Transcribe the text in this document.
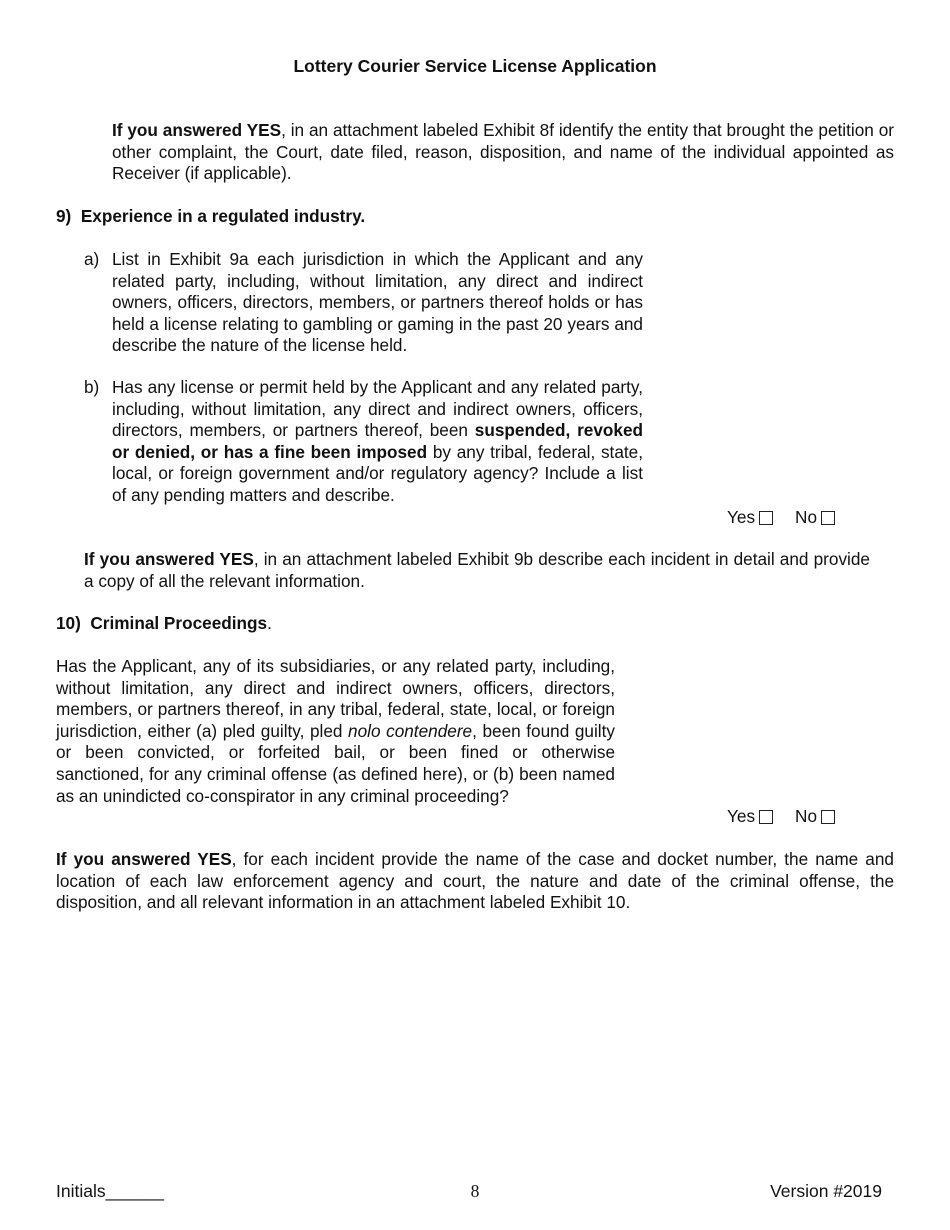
Lottery Courier Service License Application
If you answered YES, in an attachment labeled Exhibit 8f identify the entity that brought the petition or other complaint, the Court, date filed, reason, disposition, and name of the individual appointed as Receiver (if applicable).
9)  Experience in a regulated industry.
a) List in Exhibit 9a each jurisdiction in which the Applicant and any related party, including, without limitation, any direct and indirect owners, officers, directors, members, or partners thereof holds or has held a license relating to gambling or gaming in the past 20 years and describe the nature of the license held.
b) Has any license or permit held by the Applicant and any related party, including, without limitation, any direct and indirect owners, officers, directors, members, or partners thereof, been suspended, revoked or denied, or has a fine been imposed by any tribal, federal, state, local, or foreign government and/or regulatory agency? Include a list of any pending matters and describe.
Yes No
If you answered YES, in an attachment labeled Exhibit 9b describe each incident in detail and provide a copy of all the relevant information.
10)  Criminal Proceedings.
Has the Applicant, any of its subsidiaries, or any related party, including, without limitation, any direct and indirect owners, officers, directors, members, or partners thereof, in any tribal, federal, state, local, or foreign jurisdiction, either (a) pled guilty, pled nolo contendere, been found guilty or been convicted, or forfeited bail, or been fined or otherwise sanctioned, for any criminal offense (as defined here), or (b) been named as an unindicted co-conspirator in any criminal proceeding?
Yes No
If you answered YES, for each incident provide the name of the case and docket number, the name and location of each law enforcement agency and court, the nature and date of the criminal offense, the disposition, and all relevant information in an attachment labeled Exhibit 10.
Initials______	8	Version #2019
